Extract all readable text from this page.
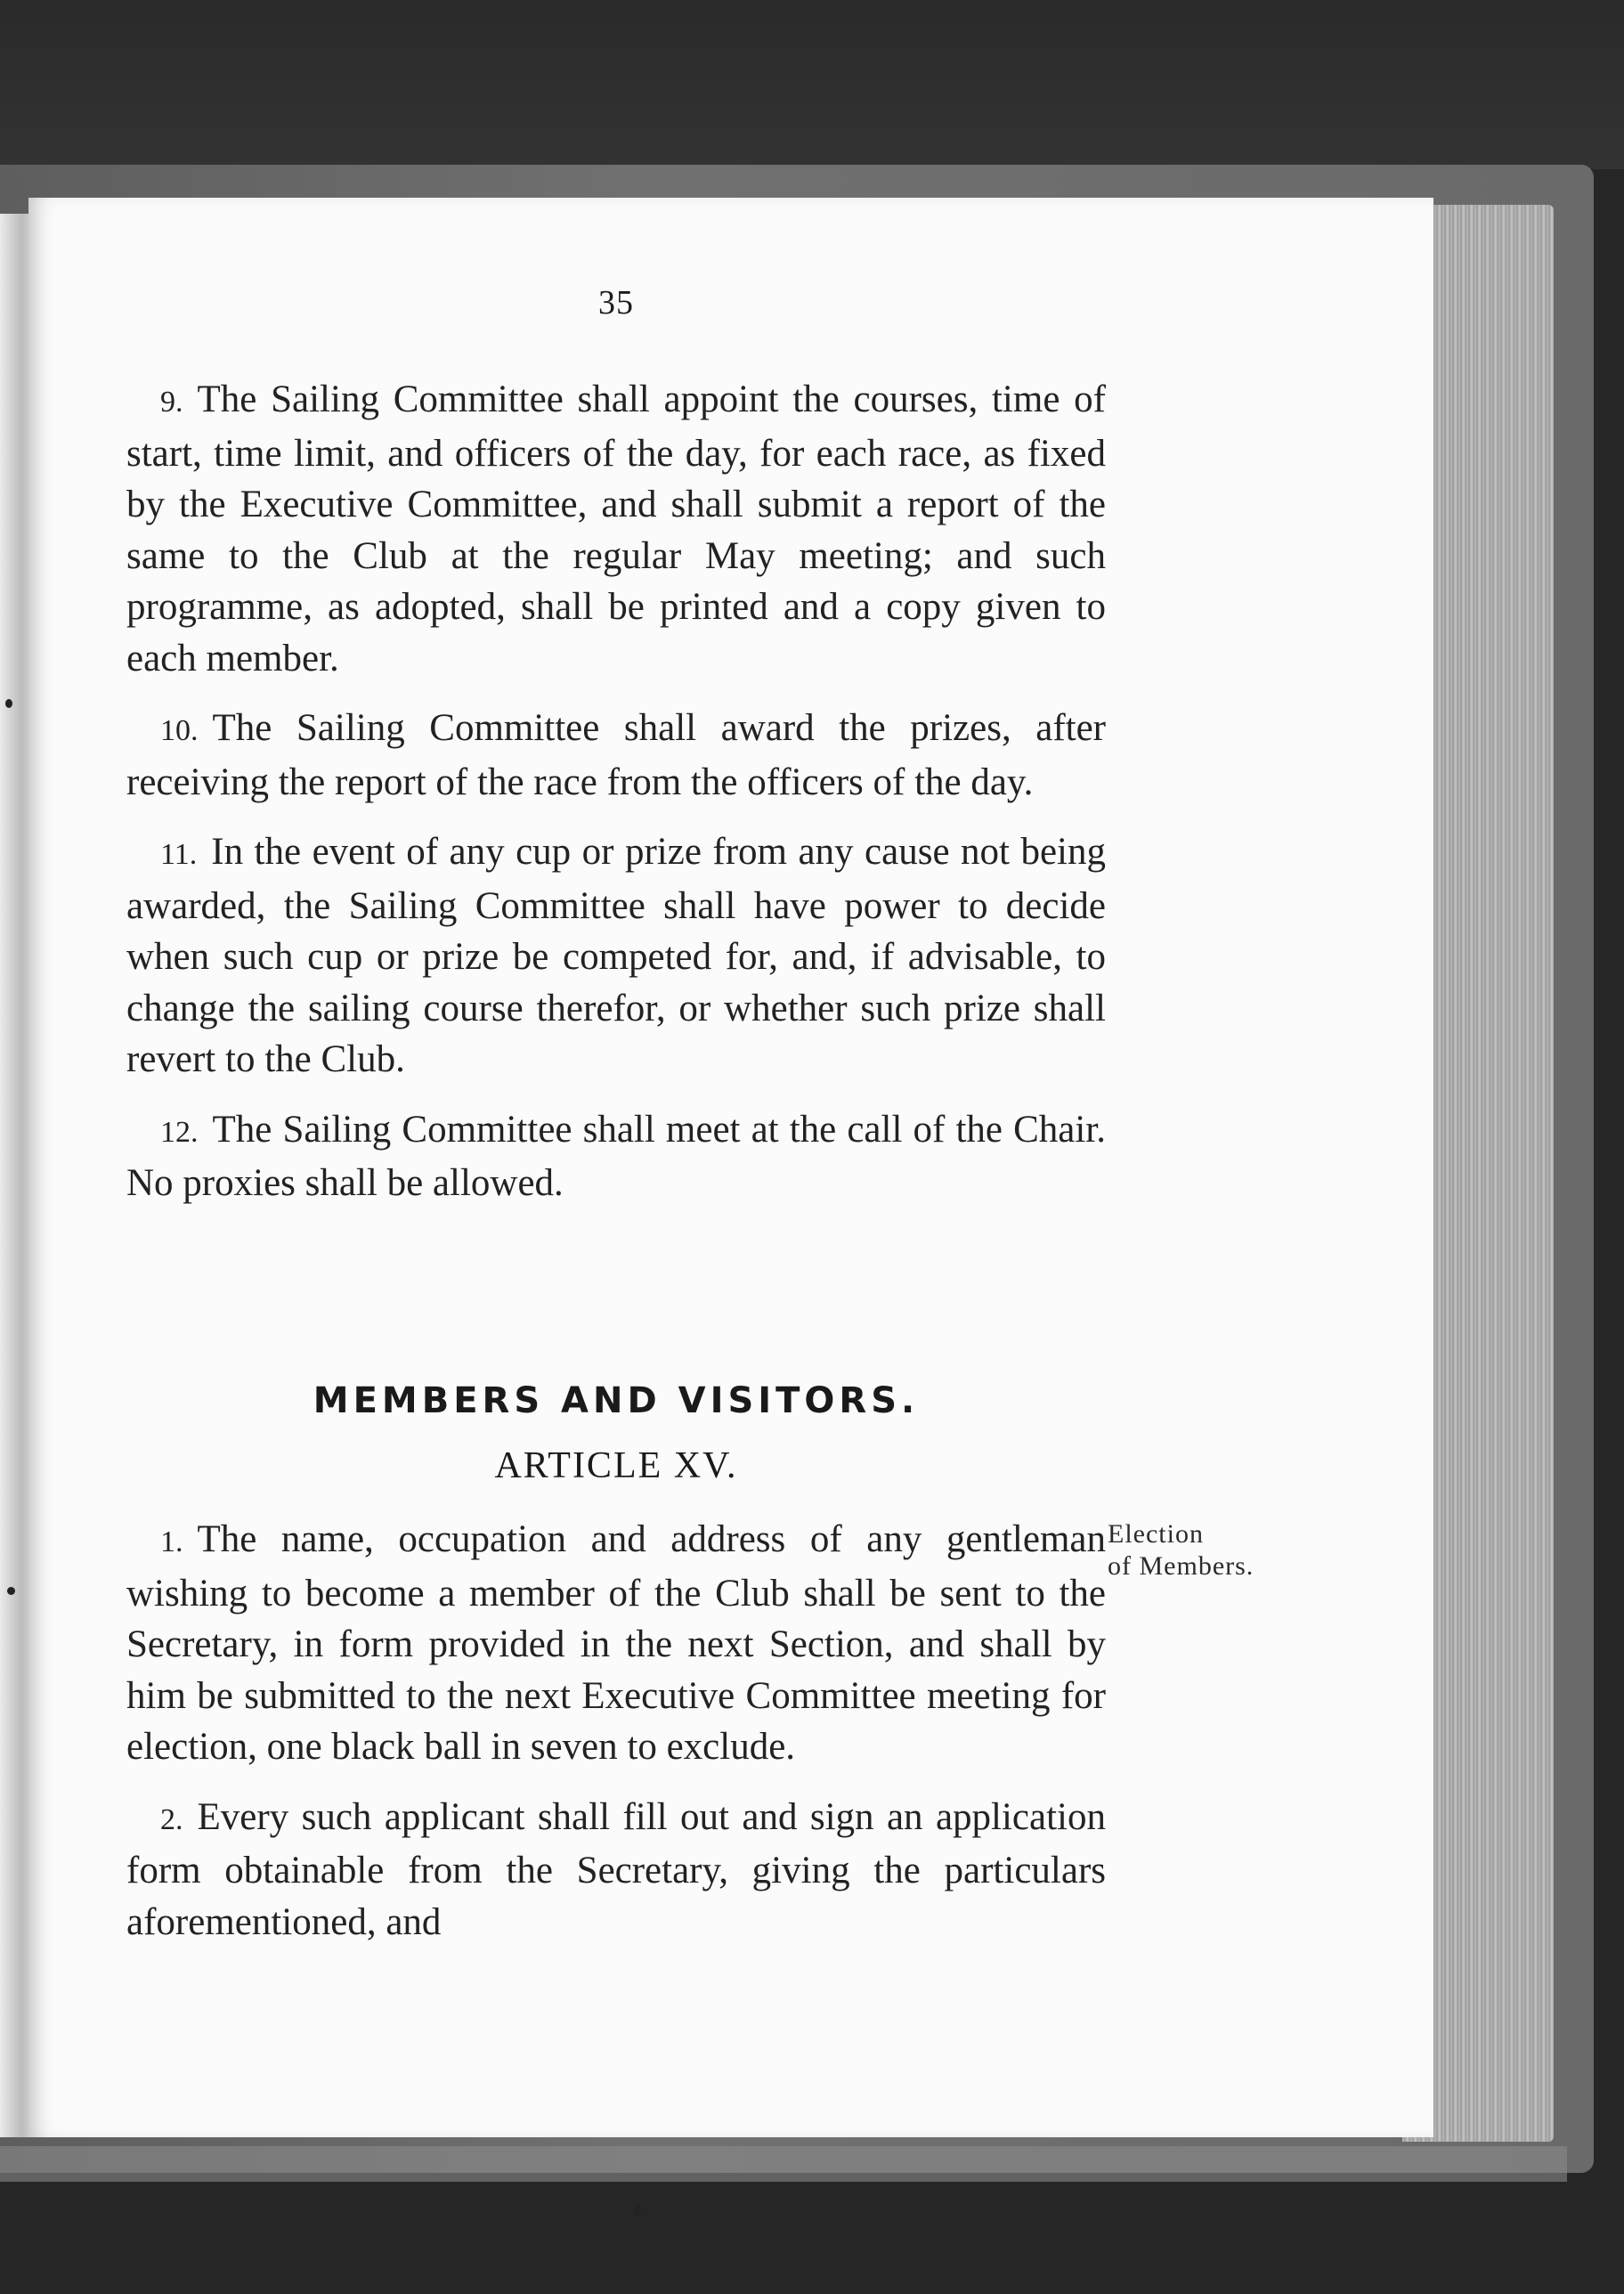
35

9. The Sailing Committee shall appoint the courses, time of start, time limit, and officers of the day, for each race, as fixed by the Executive Committee, and shall submit a report of the same to the Club at the regular May meeting; and such programme, as adopted, shall be printed and a copy given to each member.

10. The Sailing Committee shall award the prizes, after receiving the report of the race from the officers of the day.

11. In the event of any cup or prize from any cause not being awarded, the Sailing Committee shall have power to decide when such cup or prize be competed for, and, if advisable, to change the sailing course therefor, or whether such prize shall revert to the Club.

12. The Sailing Committee shall meet at the call of the Chair. No proxies shall be allowed.

MEMBERS AND VISITORS.
ARTICLE XV.
Election
of Members.

1. The name, occupation and address of any gentleman wishing to become a member of the Club shall be sent to the Secretary, in form provided in the next Section, and shall by him be submitted to the next Executive Committee meeting for election, one black ball in seven to exclude.

2. Every such applicant shall fill out and sign an application form obtainable from the Secretary, giving the particulars aforementioned, and
